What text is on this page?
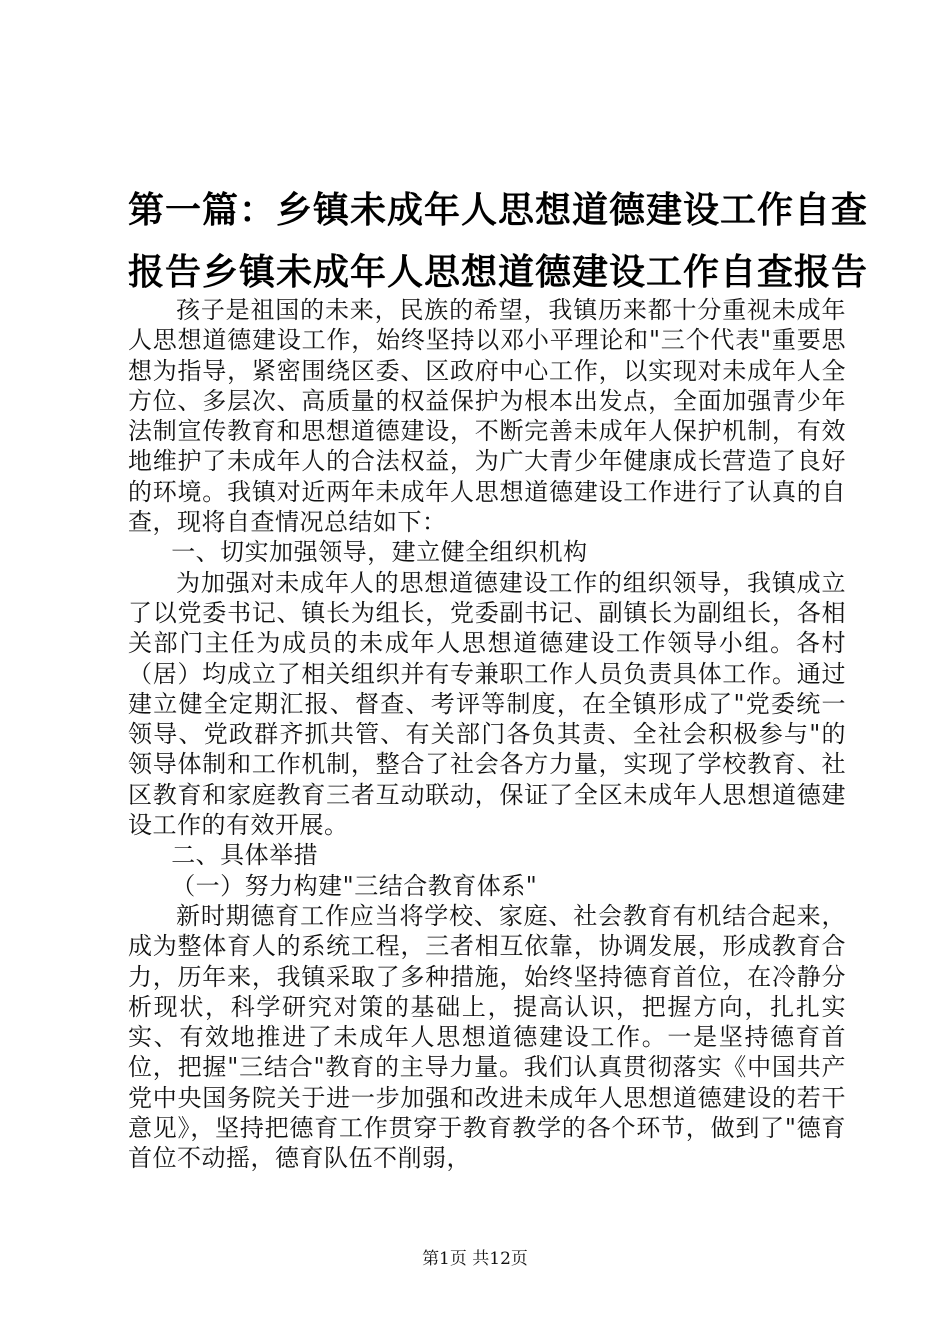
第一篇：乡镇未成年人思想道德建设工作自查
报告乡镇未成年人思想道德建设工作自查报告

孩子是祖国的未来，民族的希望，我镇历来都十分重视未成年人思想道德建设工作，始终坚持以邓小平理论和"三个代表"重要思想为指导，紧密围绕区委、区政府中心工作，以实现对未成年人全方位、多层次、高质量的权益保护为根本出发点，全面加强青少年法制宣传教育和思想道德建设，不断完善未成年人保护机制，有效地维护了未成年人的合法权益，为广大青少年健康成长营造了良好的环境。我镇对近两年未成年人思想道德建设工作进行了认真的自查，现将自查情况总结如下：

一、切实加强领导，建立健全组织机构

为加强对未成年人的思想道德建设工作的组织领导，我镇成立了以党委书记、镇长为组长，党委副书记、副镇长为副组长，各相关部门主任为成员的未成年人思想道德建设工作领导小组。各村（居）均成立了相关组织并有专兼职工作人员负责具体工作。通过建立健全定期汇报、督查、考评等制度，在全镇形成了"党委统一领导、党政群齐抓共管、有关部门各负其责、全社会积极参与"的领导体制和工作机制，整合了社会各方力量，实现了学校教育、社区教育和家庭教育三者互动联动，保证了全区未成年人思想道德建设工作的有效开展。

二、具体举措

（一）努力构建"三结合教育体系"

新时期德育工作应当将学校、家庭、社会教育有机结合起来，成为整体育人的系统工程，三者相互依靠，协调发展，形成教育合力，历年来，我镇采取了多种措施，始终坚持德育首位，在冷静分析现状，科学研究对策的基础上，提高认识，把握方向，扎扎实实、有效地推进了未成年人思想道德建设工作。一是坚持德育首位，把握"三结合"教育的主导力量。我们认真贯彻落实《中国共产党中央国务院关于进一步加强和改进未成年人思想道德建设的若干意见》，坚持把德育工作贯穿于教育教学的各个环节，做到了"德育首位不动摇，德育队伍不削弱，

第1页 共12页
